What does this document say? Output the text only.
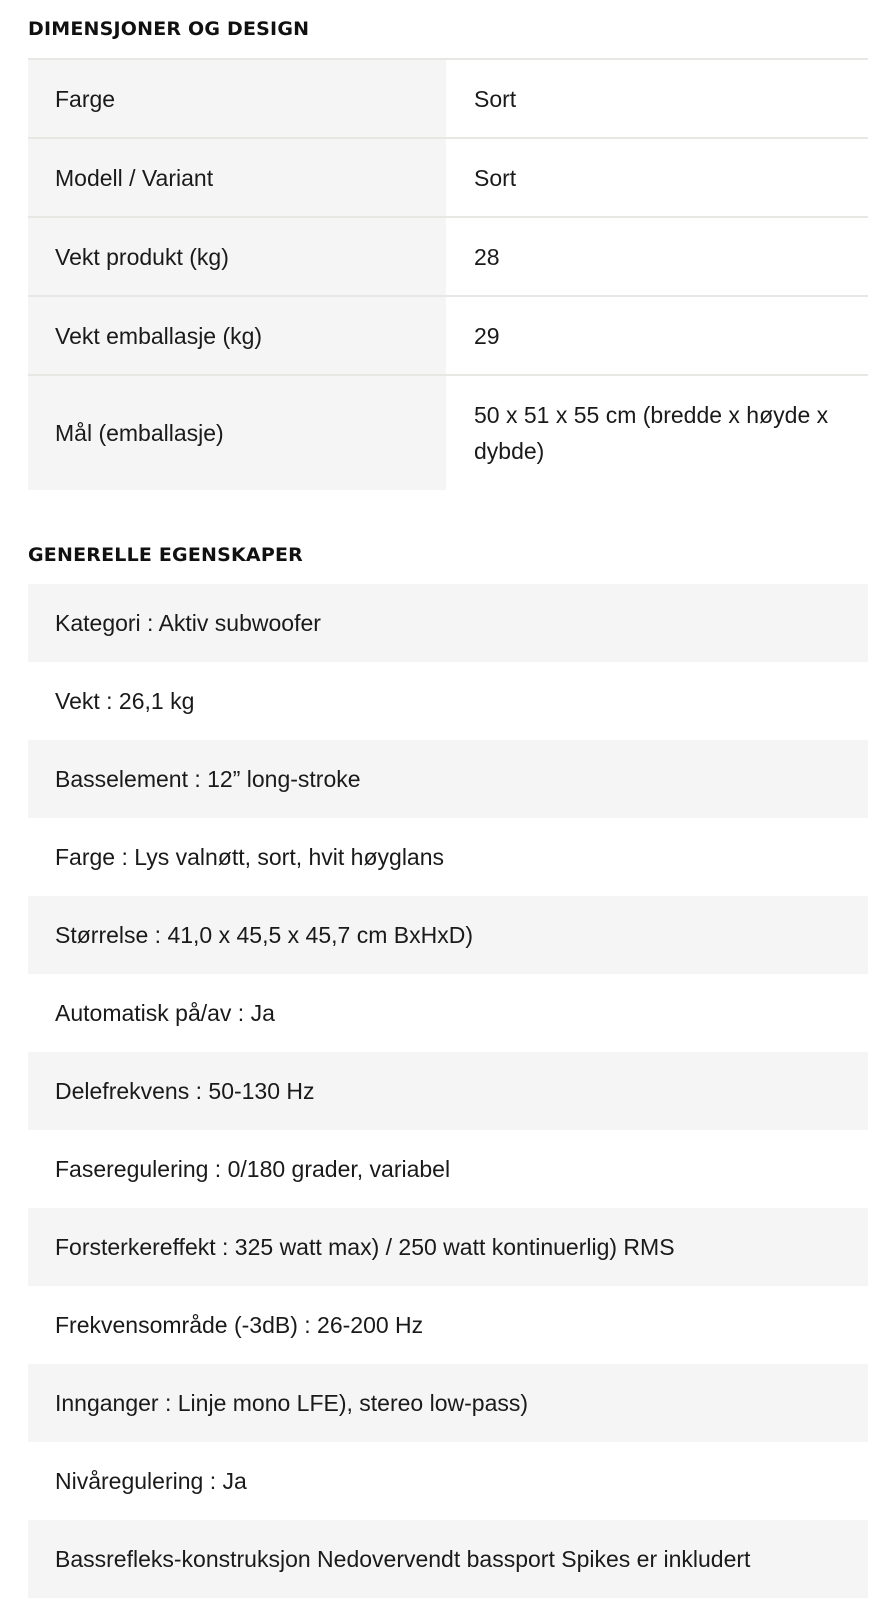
DIMENSJONER OG DESIGN
Farge	Sort
Modell / Variant	Sort
Vekt produkt (kg)	28
Vekt emballasje (kg)	29
Mål (emballasje)	50 x 51 x 55 cm (bredde x høyde x dybde)
GENERELLE EGENSKAPER
Kategori : Aktiv subwoofer
Vekt : 26,1 kg
Basselement : 12” long-stroke
Farge : Lys valnøtt, sort, hvit høyglans
Størrelse : 41,0 x 45,5 x 45,7 cm BxHxD)
Automatisk på/av : Ja
Delefrekvens : 50-130 Hz
Faseregulering : 0/180 grader, variabel
Forsterkereffekt : 325 watt max) / 250 watt kontinuerlig) RMS
Frekvensområde (-3dB) : 26-200 Hz
Innganger : Linje mono LFE), stereo low-pass)
Nivåregulering : Ja
Bassrefleks-konstruksjon Nedovervendt bassport Spikes er inkludert
